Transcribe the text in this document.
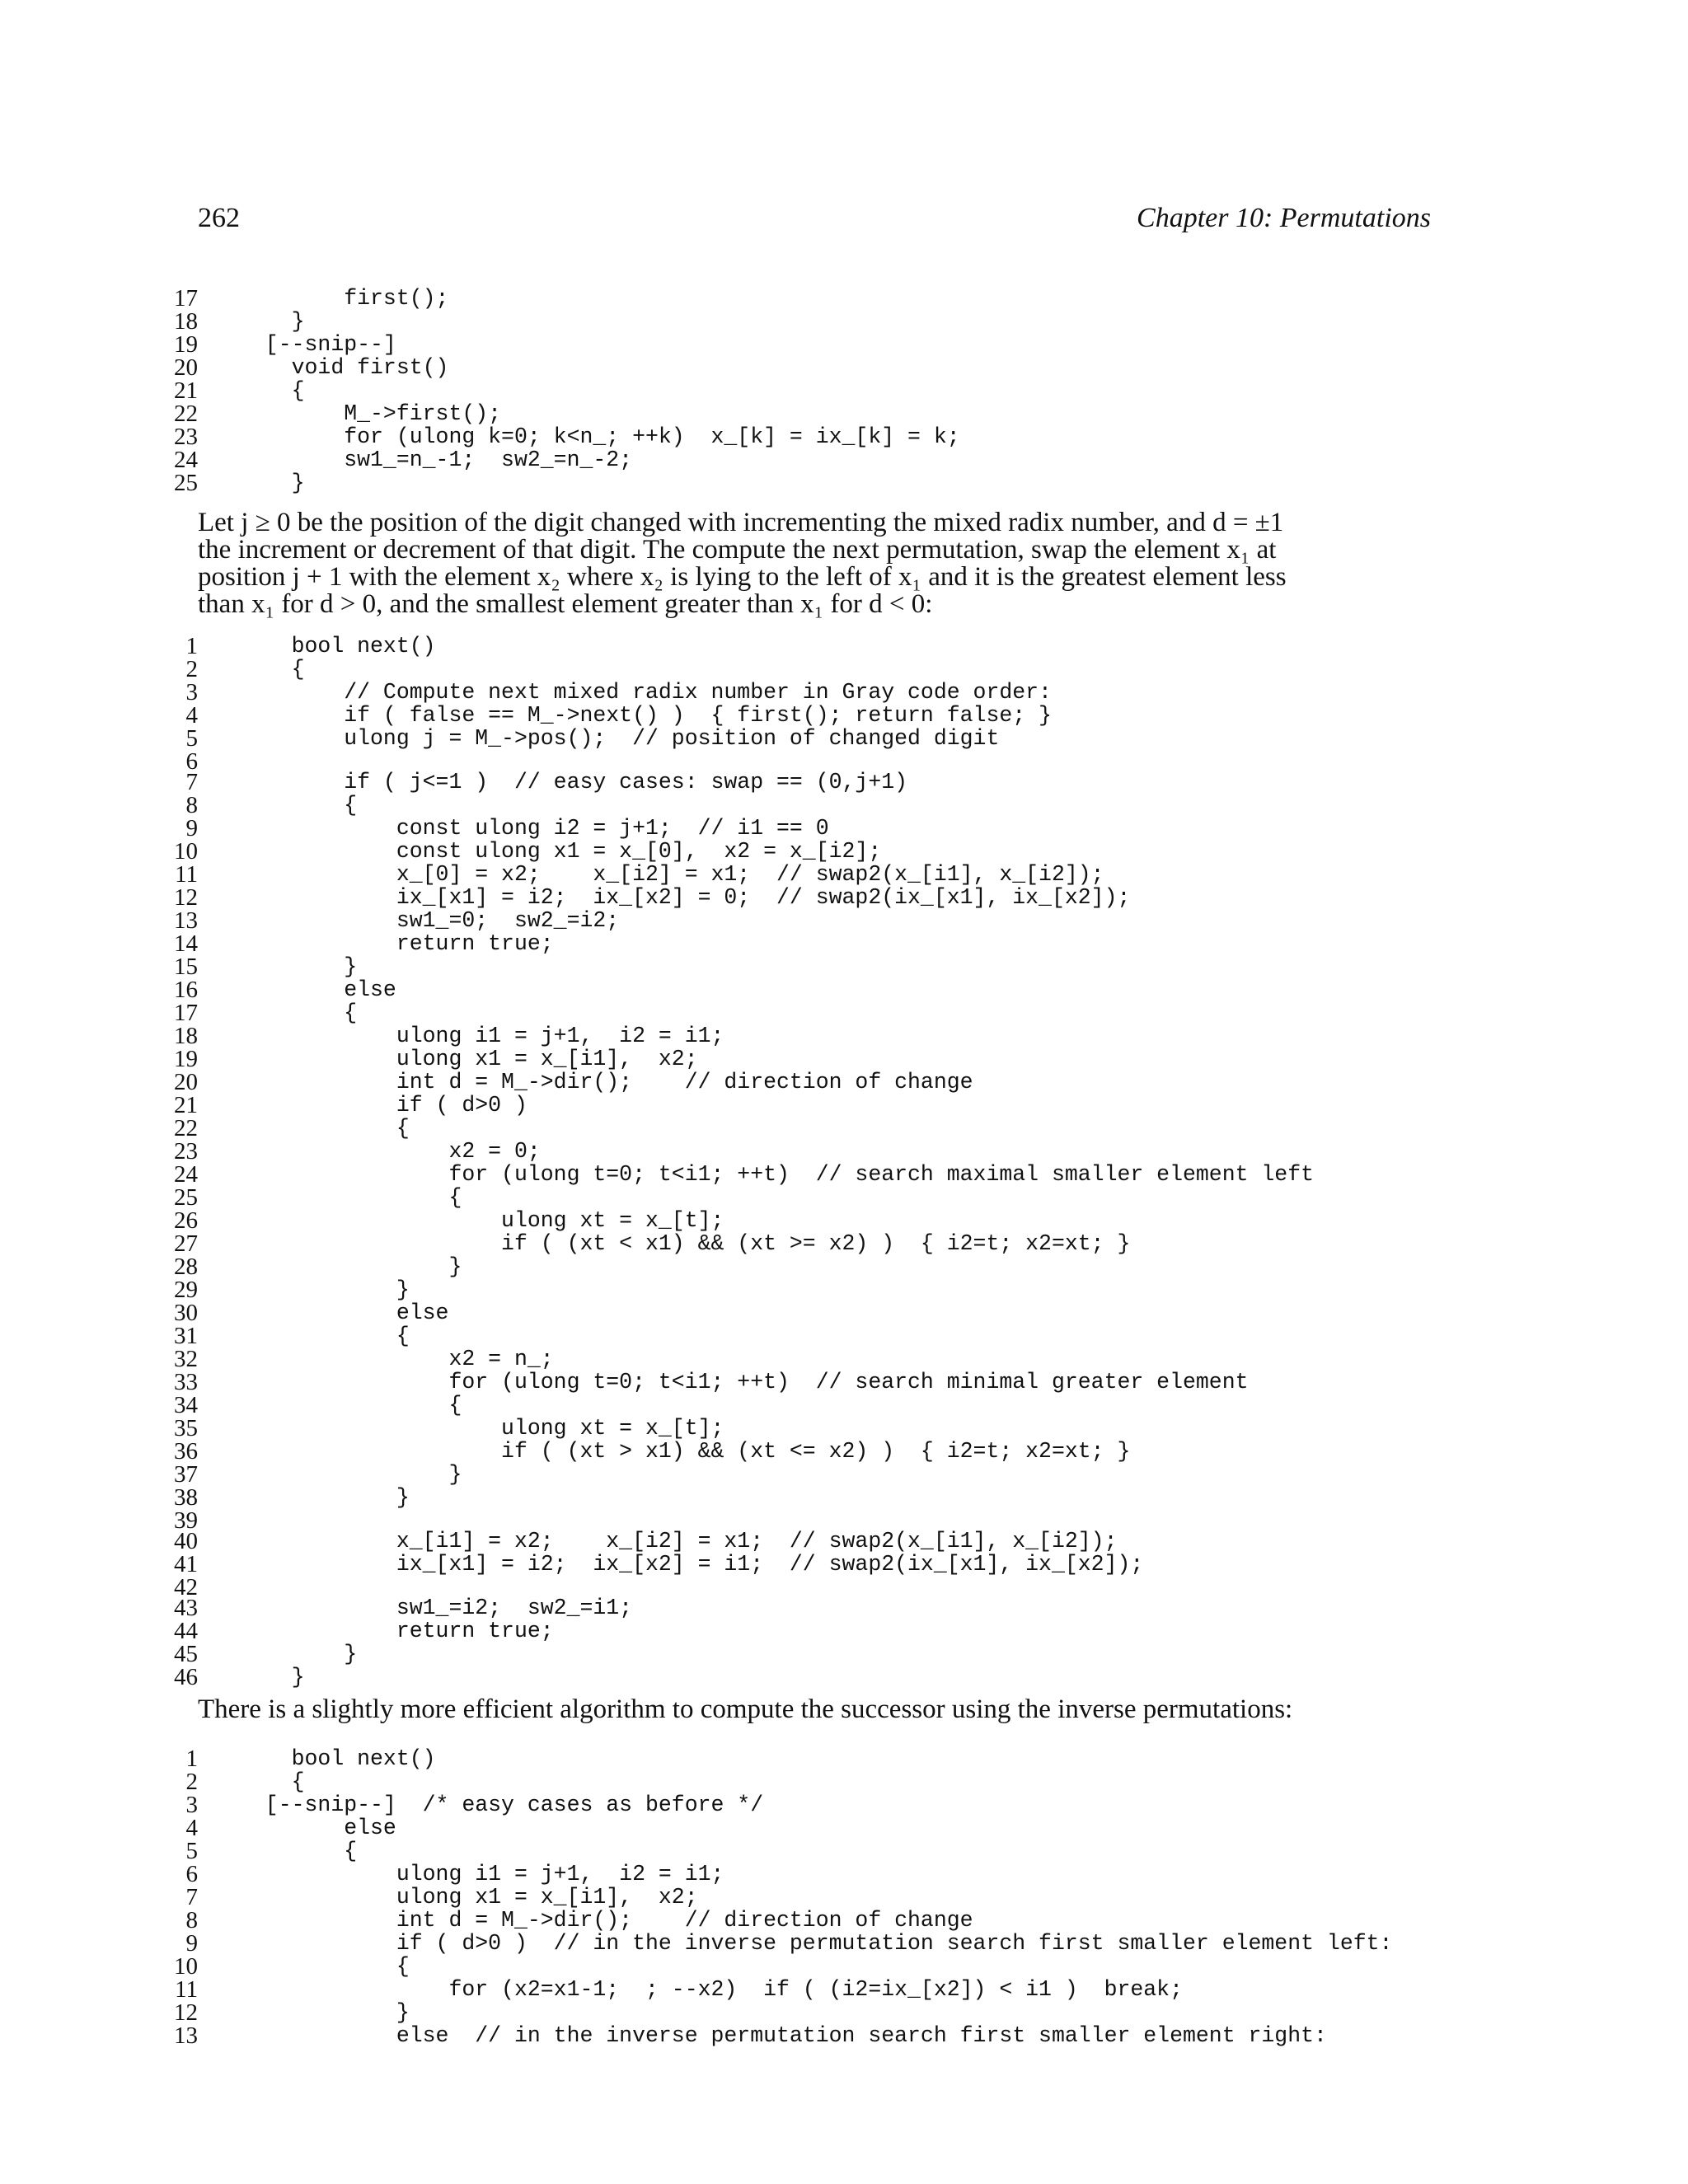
262	Chapter 10: Permutations
17 first();
18 }
19 [--snip--]
20 void first()
21 {
22 M_->first();
23 for (ulong k=0; k<n_; ++k)  x_[k] = ix_[k] = k;
24 sw1_=n_-1;  sw2_=n_-2;
25 }
Let j ≥ 0 be the position of the digit changed with incrementing the mixed radix number, and d = ±1
the increment or decrement of that digit. The compute the next permutation, swap the element x₁ at
position j + 1 with the element x₂ where x₂ is lying to the left of x₁ and it is the greatest element less
than x₁ for d > 0, and the smallest element greater than x₁ for d < 0:
1 bool next()
2 {
3 // Compute next mixed radix number in Gray code order:
4 if ( false == M_->next() )  { first(); return false; }
5 ulong j = M_->pos();  // position of changed digit
6
7 if ( j<=1 )  // easy cases: swap == (0,j+1)
8 {
9 const ulong i2 = j+1;  // i1 == 0
10 const ulong x1 = x_[0],  x2 = x_[i2];
11 x_[0] = x2;    x_[i2] = x1;  // swap2(x_[i1], x_[i2]);
12 ix_[x1] = i2;  ix_[x2] = 0;  // swap2(ix_[x1], ix_[x2]);
13 sw1_=0;  sw2_=i2;
14 return true;
15 }
16 else
17 {
18 ulong i1 = j+1,  i2 = i1;
19 ulong x1 = x_[i1],  x2;
20 int d = M_->dir();    // direction of change
21 if ( d>0 )
22 {
23 x2 = 0;
24 for (ulong t=0; t<i1; ++t)  // search maximal smaller element left
25 {
26 ulong xt = x_[t];
27 if ( (xt < x1) && (xt >= x2) )  { i2=t; x2=xt; }
28 }
29 }
30 else
31 {
32 x2 = n_;
33 for (ulong t=0; t<i1; ++t)  // search minimal greater element
34 {
35 ulong xt = x_[t];
36 if ( (xt > x1) && (xt <= x2) )  { i2=t; x2=xt; }
37 }
38 }
39
40 x_[i1] = x2;    x_[i2] = x1;  // swap2(x_[i1], x_[i2]);
41 ix_[x1] = i2;  ix_[x2] = i1;  // swap2(ix_[x1], ix_[x2]);
42
43 sw1_=i2;  sw2_=i1;
44 return true;
45 }
46 }
There is a slightly more efficient algorithm to compute the successor using the inverse permutations:
1 bool next()
2 {
3 [--snip--]  /* easy cases as before */
4 else
5 {
6 ulong i1 = j+1,  i2 = i1;
7 ulong x1 = x_[i1],  x2;
8 int d = M_->dir();    // direction of change
9 if ( d>0 )  // in the inverse permutation search first smaller element left:
10 {
11 for (x2=x1-1;  ; --x2)  if ( (i2=ix_[x2]) < i1 )  break;
12 }
13 else  // in the inverse permutation search first smaller element right:
